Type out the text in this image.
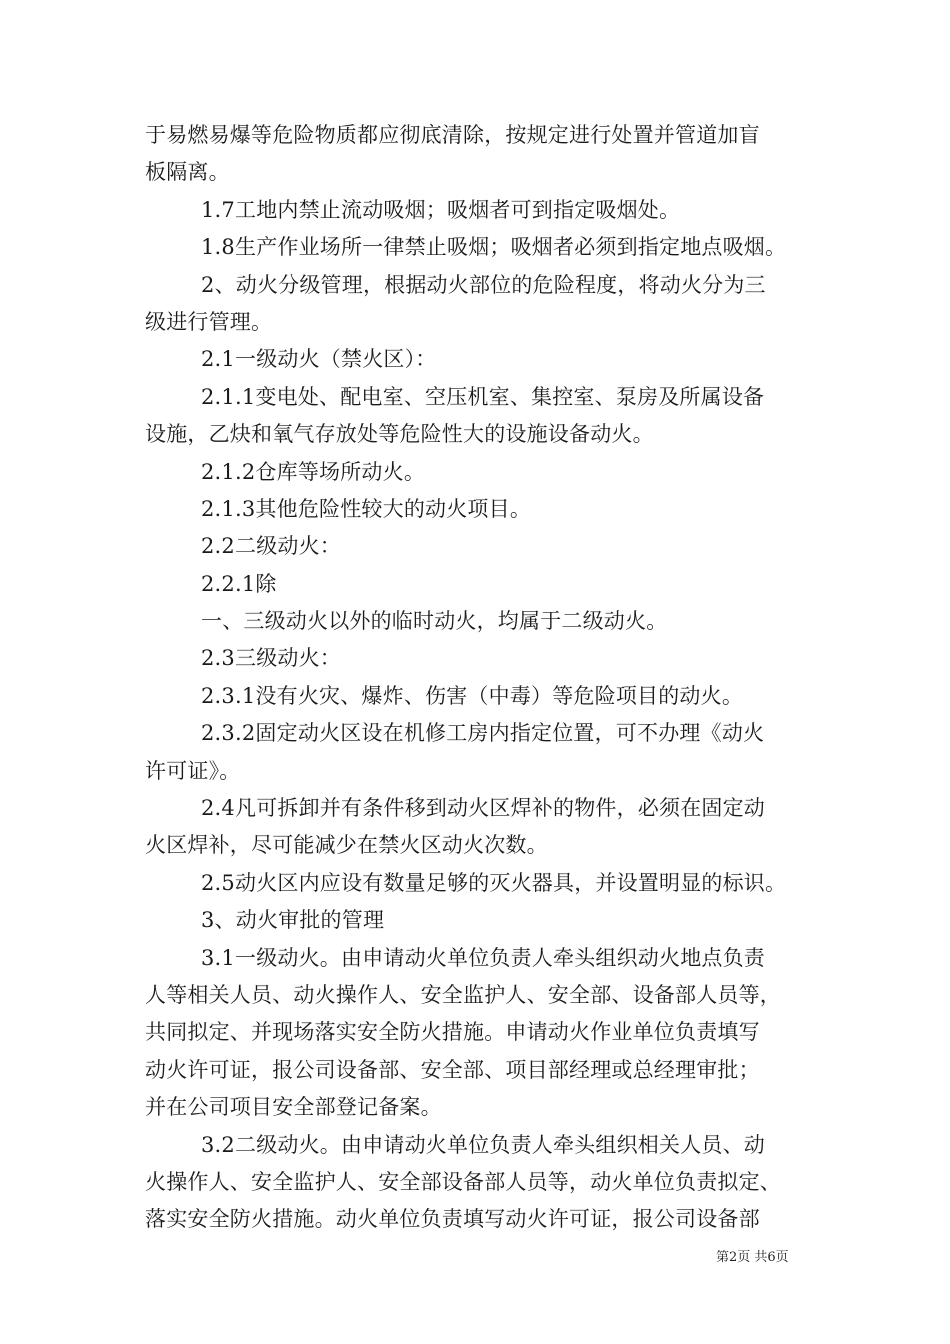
于易燃易爆等危险物质都应彻底清除，按规定进行处置并管道加盲
板隔离。
1.7工地内禁止流动吸烟；吸烟者可到指定吸烟处。
1.8生产作业场所一律禁止吸烟；吸烟者必须到指定地点吸烟。
2、动火分级管理，根据动火部位的危险程度，将动火分为三
级进行管理。
2.1一级动火（禁火区）：
2.1.1变电处、配电室、空压机室、集控室、泵房及所属设备
设施，乙炔和氧气存放处等危险性大的设施设备动火。
2.1.2仓库等场所动火。
2.1.3其他危险性较大的动火项目。
2.2二级动火：
2.2.1除
一、三级动火以外的临时动火，均属于二级动火。
2.3三级动火：
2.3.1没有火灾、爆炸、伤害（中毒）等危险项目的动火。
2.3.2固定动火区设在机修工房内指定位置，可不办理《动火
许可证》。
2.4凡可拆卸并有条件移到动火区焊补的物件，必须在固定动
火区焊补，尽可能减少在禁火区动火次数。
2.5动火区内应设有数量足够的灭火器具，并设置明显的标识。
3、动火审批的管理
3.1一级动火。由申请动火单位负责人牵头组织动火地点负责
人等相关人员、动火操作人、安全监护人、安全部、设备部人员等，
共同拟定、并现场落实安全防火措施。申请动火作业单位负责填写
动火许可证，报公司设备部、安全部、项目部经理或总经理审批；
并在公司项目安全部登记备案。
3.2二级动火。由申请动火单位负责人牵头组织相关人员、动
火操作人、安全监护人、安全部设备部人员等，动火单位负责拟定、
落实安全防火措施。动火单位负责填写动火许可证，报公司设备部
第2页 共6页
